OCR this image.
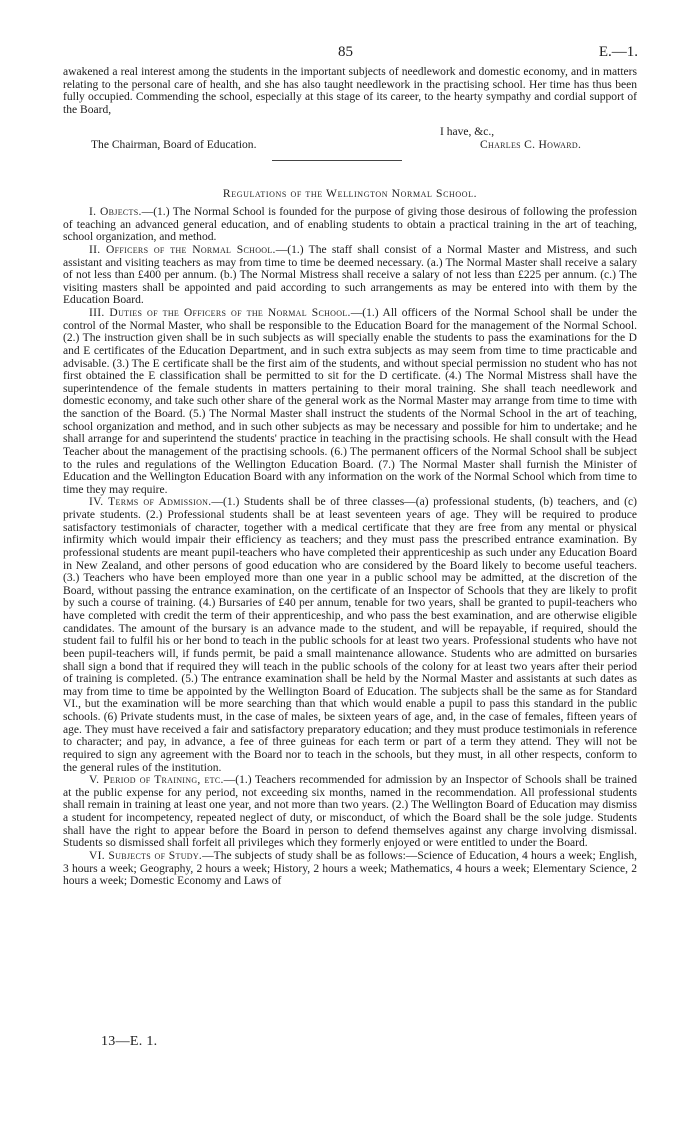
85	E.—1.

awakened a real interest among the students in the important subjects of needlework and domestic economy, and in matters relating to the personal care of health, and she has also taught needlework in the practising school. Her time has thus been fully occupied. Commending the school, especially at this stage of its career, to the hearty sympathy and cordial support of the Board,

I have, &c.,
The Chairman, Board of Education.	Charles C. Howard.
Regulations of the Wellington Normal School.

I. Objects.—(1.) The Normal School is founded for the purpose of giving those desirous of following the profession of teaching an advanced general education, and of enabling students to obtain a practical training in the art of teaching, school organization, and method.

II. Officers of the Normal School.—(1.) The staff shall consist of a Normal Master and Mistress, and such assistant and visiting teachers as may from time to time be deemed necessary. (a.) The Normal Master shall receive a salary of not less than £400 per annum. (b.) The Normal Mistress shall receive a salary of not less than £225 per annum. (c.) The visiting masters shall be appointed and paid according to such arrangements as may be entered into with them by the Education Board.

III. Duties of the Officers of the Normal School.—(1.) All officers of the Normal School shall be under the control of the Normal Master, who shall be responsible to the Education Board for the management of the Normal School. (2.) The instruction given shall be in such subjects as will specially enable the students to pass the examinations for the D and E certificates of the Education Department, and in such extra subjects as may seem from time to time practicable and advisable. (3.) The E certificate shall be the first aim of the students, and without special permission no student who has not first obtained the E classification shall be permitted to sit for the D certificate. (4.) The Normal Mistress shall have the superintendence of the female students in matters pertaining to their moral training. She shall teach needlework and domestic economy, and take such other share of the general work as the Normal Master may arrange from time to time with the sanction of the Board. (5.) The Normal Master shall instruct the students of the Normal School in the art of teaching, school organization and method, and in such other subjects as may be necessary and possible for him to undertake; and he shall arrange for and superintend the students' practice in teaching in the practising schools. He shall consult with the Head Teacher about the management of the practising schools. (6.) The permanent officers of the Normal School shall be subject to the rules and regulations of the Wellington Education Board. (7.) The Normal Master shall furnish the Minister of Education and the Wellington Education Board with any information on the work of the Normal School which from time to time they may require.

IV. Terms of Admission.—(1.) Students shall be of three classes—(a) professional students, (b) teachers, and (c) private students. (2.) Professional students shall be at least seventeen years of age. They will be required to produce satisfactory testimonials of character, together with a medical certificate that they are free from any mental or physical infirmity which would impair their efficiency as teachers; and they must pass the prescribed entrance examination. By professional students are meant pupil-teachers who have completed their apprenticeship as such under any Education Board in New Zealand, and other persons of good education who are considered by the Board likely to become useful teachers. (3.) Teachers who have been employed more than one year in a public school may be admitted, at the discretion of the Board, without passing the entrance examination, on the certificate of an Inspector of Schools that they are likely to profit by such a course of training. (4.) Bursaries of £40 per annum, tenable for two years, shall be granted to pupil-teachers who have completed with credit the term of their apprenticeship, and who pass the best examination, and are otherwise eligible candidates. The amount of the bursary is an advance made to the student, and will be repayable, if required, should the student fail to fulfil his or her bond to teach in the public schools for at least two years. Professional students who have not been pupil-teachers will, if funds permit, be paid a small maintenance allowance. Students who are admitted on bursaries shall sign a bond that if required they will teach in the public schools of the colony for at least two years after their period of training is completed. (5.) The entrance examination shall be held by the Normal Master and assistants at such dates as may from time to time be appointed by the Wellington Board of Education. The subjects shall be the same as for Standard VI., but the examination will be more searching than that which would enable a pupil to pass this standard in the public schools. (6) Private students must, in the case of males, be sixteen years of age, and, in the case of females, fifteen years of age. They must have received a fair and satisfactory preparatory education; and they must produce testimonials in reference to character; and pay, in advance, a fee of three guineas for each term or part of a term they attend. They will not be required to sign any agreement with the Board nor to teach in the schools, but they must, in all other respects, conform to the general rules of the institution.

V. Period of Training, etc.—(1.) Teachers recommended for admission by an Inspector of Schools shall be trained at the public expense for any period, not exceeding six months, named in the recommendation. All professional students shall remain in training at least one year, and not more than two years. (2.) The Wellington Board of Education may dismiss a student for incompetency, repeated neglect of duty, or misconduct, of which the Board shall be the sole judge. Students shall have the right to appear before the Board in person to defend themselves against any charge involving dismissal. Students so dismissed shall forfeit all privileges which they formerly enjoyed or were entitled to under the Board.

VI. Subjects of Study.—The subjects of study shall be as follows:—Science of Education, 4 hours a week; English, 3 hours a week; Geography, 2 hours a week; History, 2 hours a week; Mathematics, 4 hours a week; Elementary Science, 2 hours a week; Domestic Economy and Laws of

13—E. 1.
